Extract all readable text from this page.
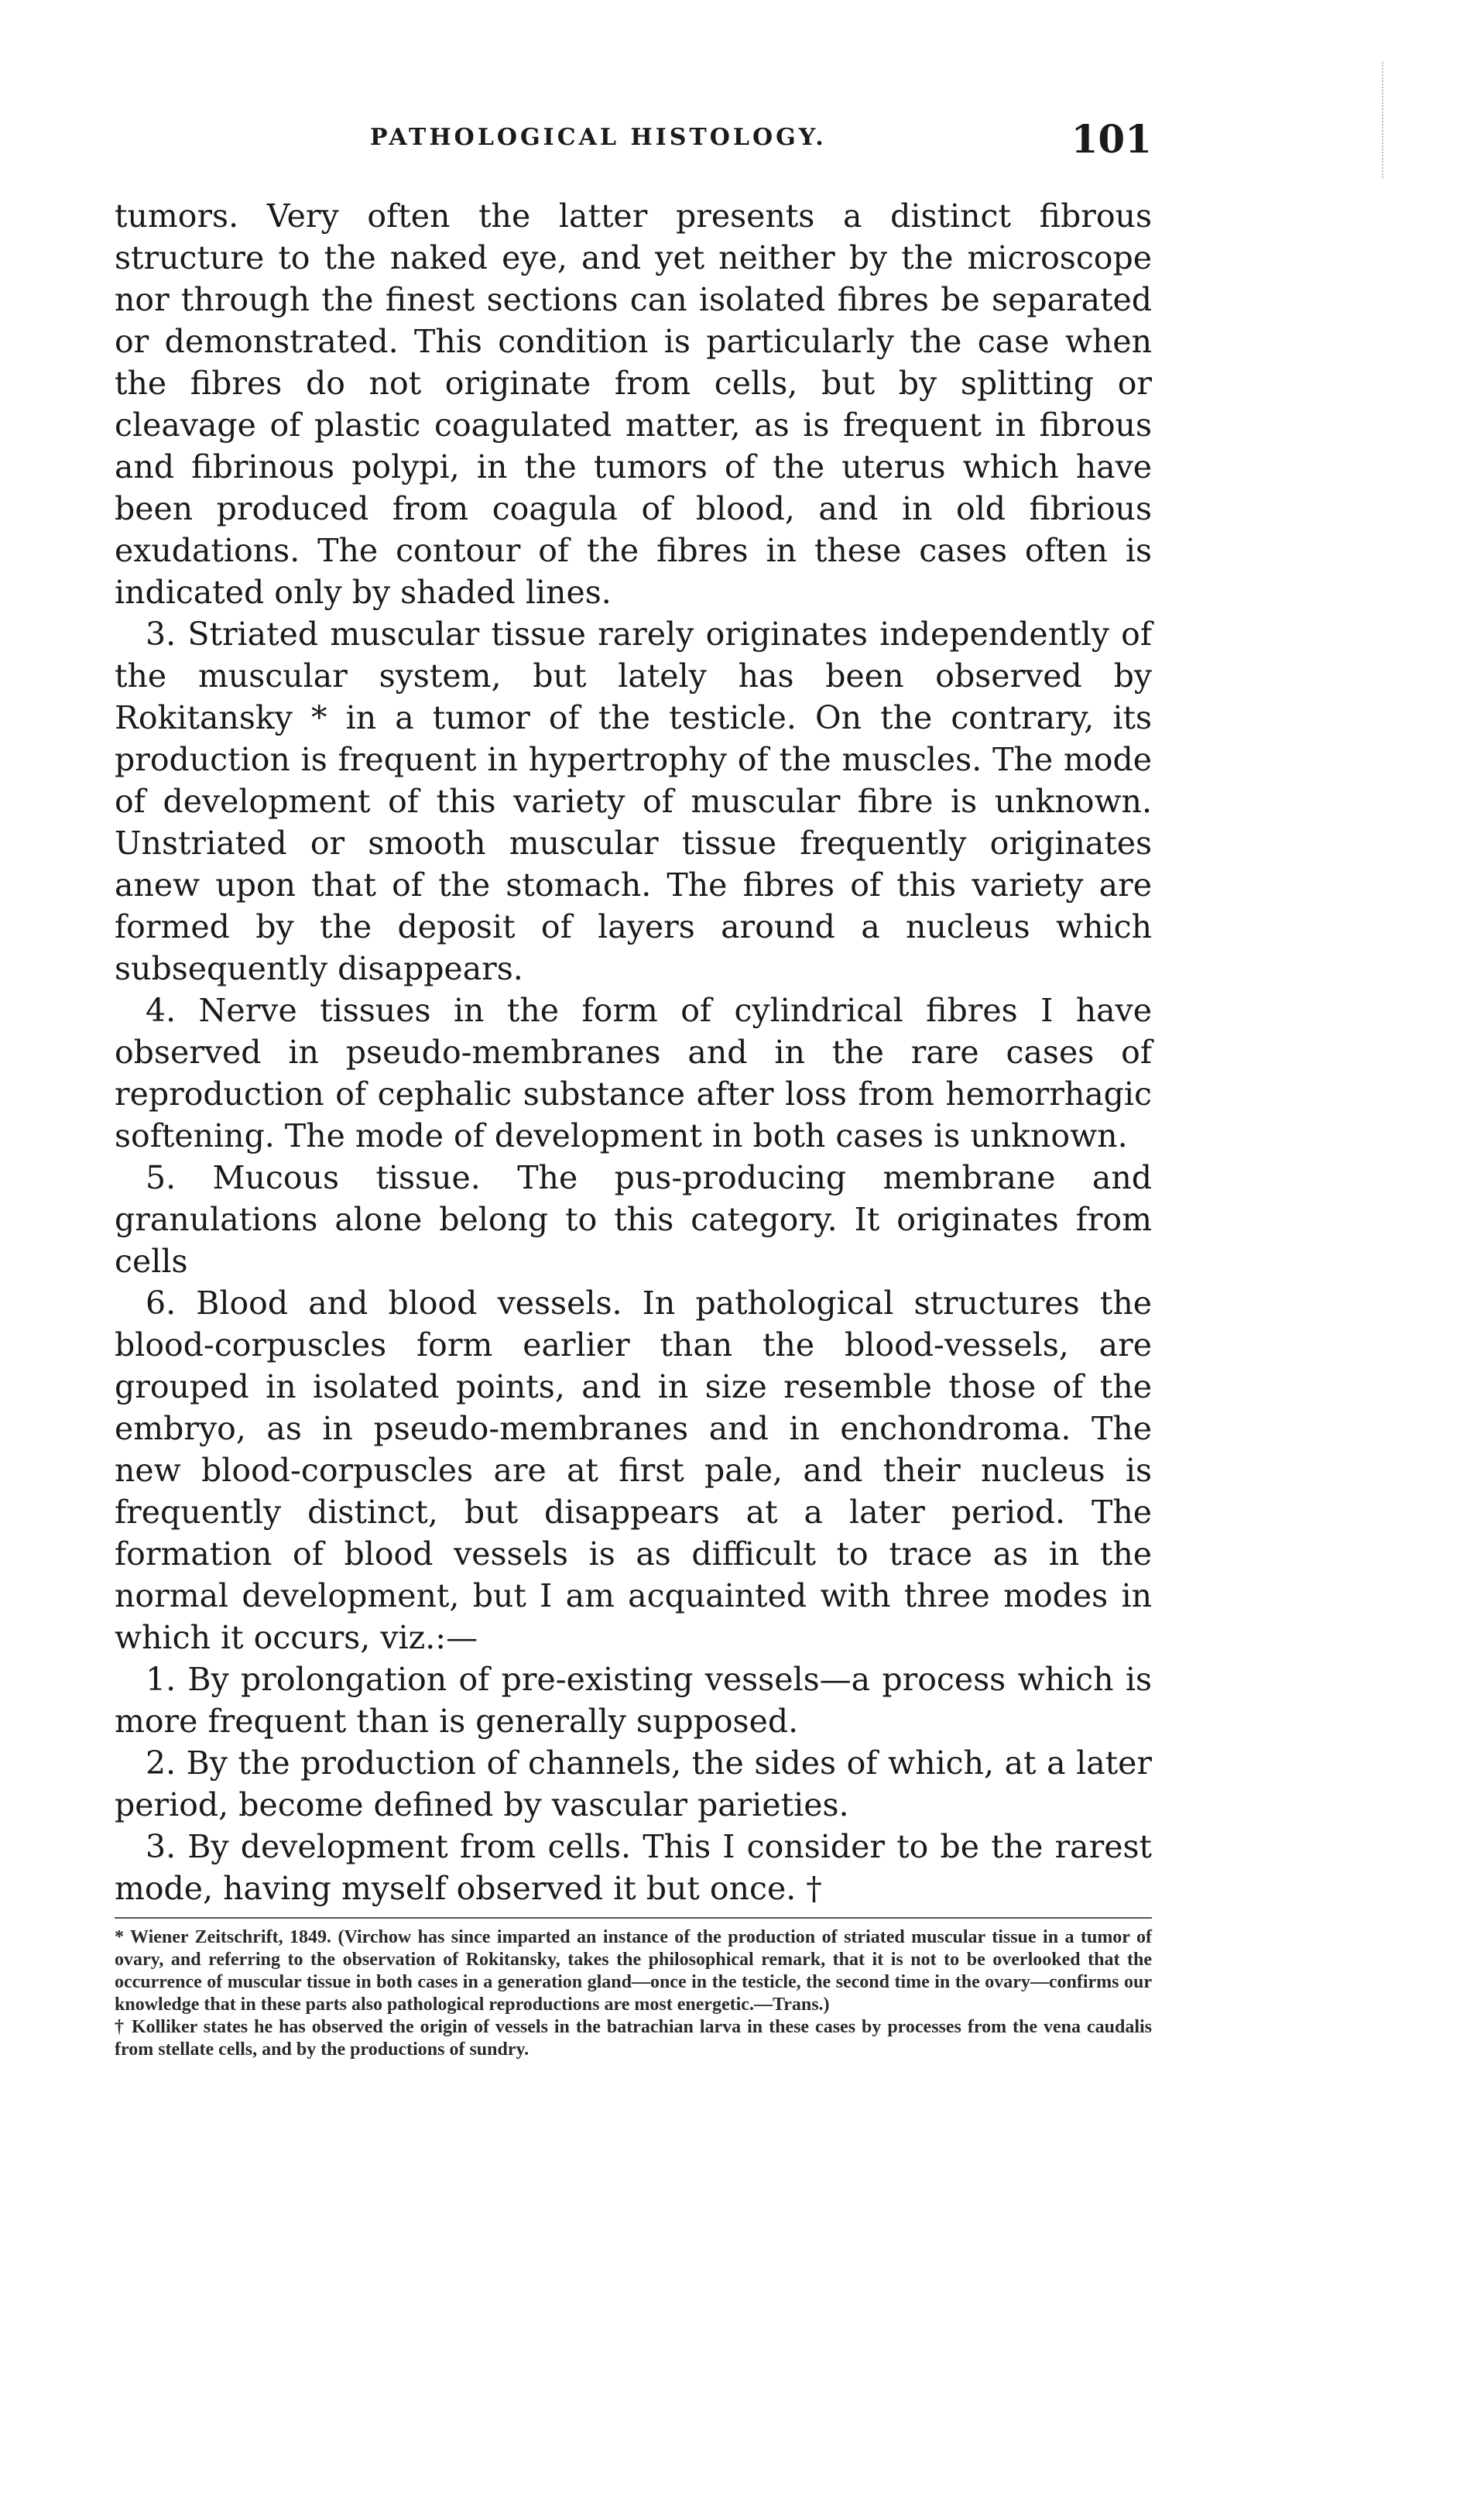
PATHOLOGICAL HISTOLOGY.	101

tumors. Very often the latter presents a distinct fibrous structure to the naked eye, and yet neither by the microscope nor through the finest sections can isolated fibres be separated or demonstrated. This condition is particularly the case when the fibres do not originate from cells, but by splitting or cleavage of plastic coagulated matter, as is frequent in fibrous and fibrinous polypi, in the tumors of the uterus which have been produced from coagula of blood, and in old fibrious exudations. The contour of the fibres in these cases often is indicated only by shaded lines.

3. Striated muscular tissue rarely originates independently of the muscular system, but lately has been observed by Rokitansky * in a tumor of the testicle. On the contrary, its production is frequent in hypertrophy of the muscles. The mode of development of this variety of muscular fibre is unknown. Unstriated or smooth muscular tissue frequently originates anew upon that of the stomach. The fibres of this variety are formed by the deposit of layers around a nucleus which subsequently disappears.

4. Nerve tissues in the form of cylindrical fibres I have observed in pseudo-membranes and in the rare cases of reproduction of cephalic substance after loss from hemorrhagic softening. The mode of development in both cases is unknown.

5. Mucous tissue. The pus-producing membrane and granulations alone belong to this category. It originates from cells

6. Blood and blood vessels. In pathological structures the blood-corpuscles form earlier than the blood-vessels, are grouped in isolated points, and in size resemble those of the embryo, as in pseudo-membranes and in enchondroma. The new blood-corpuscles are at first pale, and their nucleus is frequently distinct, but disappears at a later period. The formation of blood vessels is as difficult to trace as in the normal development, but I am acquainted with three modes in which it occurs, viz.:—

1. By prolongation of pre-existing vessels—a process which is more frequent than is generally supposed.

2. By the production of channels, the sides of which, at a later period, become defined by vascular parieties.

3. By development from cells. This I consider to be the rarest mode, having myself observed it but once. †

* Wiener Zeitschrift, 1849. (Virchow has since imparted an instance of the production of striated muscular tissue in a tumor of ovary, and referring to the observation of Rokitansky, takes the philosophical remark, that it is not to be overlooked that the occurrence of muscular tissue in both cases in a generation gland—once in the testicle, the second time in the ovary—confirms our knowledge that in these parts also pathological reproductions are most energetic.—Trans.)

† Kolliker states he has observed the origin of vessels in the batrachian larva in these cases by processes from the vena caudalis from stellate cells, and by the productions of sundry.
